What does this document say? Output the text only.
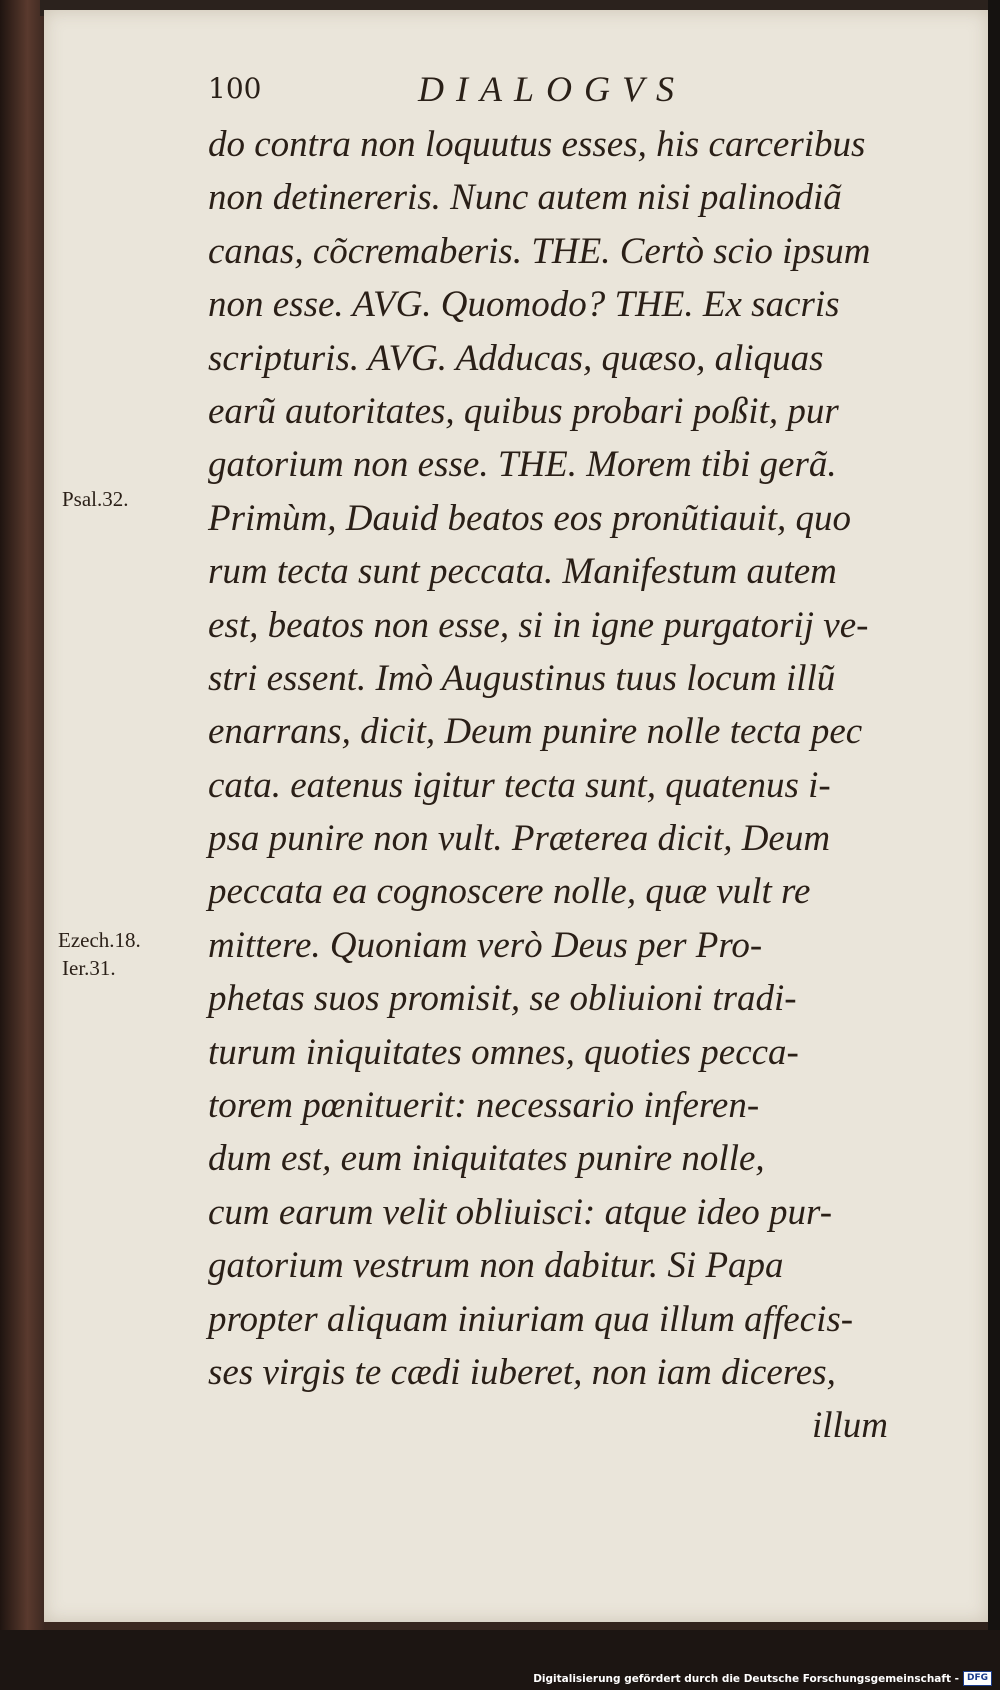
100	DIALOGVS
Psal.32.
Ezech.18.
Ier.31.
do contra non loquutus esses, his carceribus
non detinereris. Nunc autem nisi palinodiã
canas, cõcremaberis. THE. Certò scio ipsum
non esse. AVG. Quomodo? THE. Ex sacris
scripturis. AVG. Adducas, quæso, aliquas
earũ autoritates, quibus probari poßit, pur
gatorium non esse. THE. Morem tibi gerã.
Primùm, Dauid beatos eos pronũtiauit, quo
rum tecta sunt peccata. Manifestum autem
est, beatos non esse, si in igne purgatorij ve-
stri essent. Imò Augustinus tuus locum illũ
enarrans, dicit, Deum punire nolle tecta pec
cata. eatenus igitur tecta sunt, quatenus i-
psa punire non vult. Præterea dicit, Deum
peccata ea cognoscere nolle, quæ vult re
mittere. Quoniam verò Deus per Pro-
phetas suos promisit, se obliuioni tradi-
turum iniquitates omnes, quoties pecca-
torem pœnituerit: necessario inferen-
dum est, eum iniquitates punire nolle,
cum earum velit obliuisci: atque ideo pur-
gatorium vestrum non dabitur. Si Papa
propter aliquam iniuriam qua illum affecis-
ses virgis te cædi iuberet, non iam diceres,
illum
Digitalisierung gefördert durch die Deutsche Forschungsgemeinschaft - DFG
